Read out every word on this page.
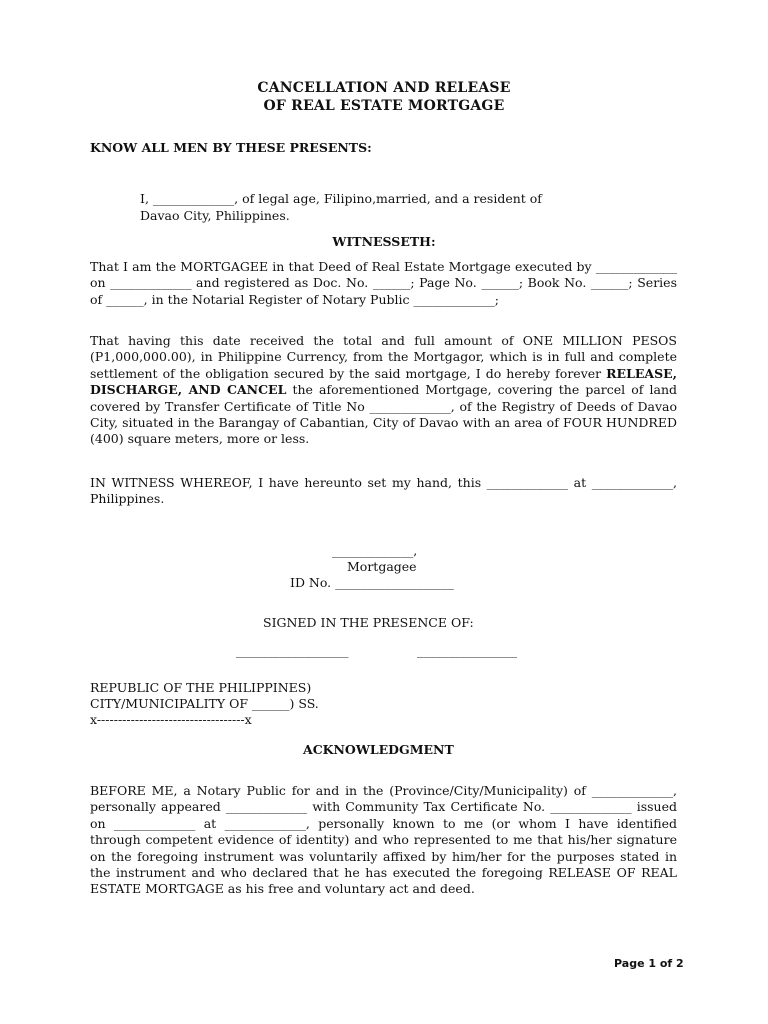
CANCELLATION AND RELEASE
OF REAL ESTATE MORTGAGE
KNOW ALL MEN BY THESE PRESENTS:
I, _____________, of legal age, Filipino,married, and a resident of
Davao City, Philippines.
WITNESSETH:
That I am the MORTGAGEE in that Deed of Real Estate Mortgage executed by _____________ on _____________ and registered as Doc. No. ______; Page No. ______; Book No. ______; Series of ______, in the Notarial Register of Notary Public _____________;
That having this date received the total and full amount of ONE MILLION PESOS (P1,000,000.00), in Philippine Currency, from the Mortgagor, which is in full and complete settlement of the obligation secured by the said mortgage, I do hereby forever RELEASE, DISCHARGE, AND CANCEL the aforementioned Mortgage, covering the parcel of land covered by Transfer Certificate of Title No _____________, of the Registry of Deeds of Davao City, situated in the Barangay of Cabantian, City of Davao with an area of FOUR HUNDRED (400) square meters, more or less.
IN WITNESS WHEREOF, I have hereunto set my hand, this _____________ at _____________, Philippines.
_____________,
Mortgagee
ID No. ___________________
SIGNED IN THE PRESENCE OF:
__________________	________________
REPUBLIC OF THE PHILIPPINES)
CITY/MUNICIPALITY OF ______) SS.
x-----------------------------------x
ACKNOWLEDGMENT
BEFORE ME, a Notary Public for and in the (Province/City/Municipality) of _____________, personally appeared _____________ with Community Tax Certificate No. _____________ issued on _____________ at _____________, personally known to me (or whom I have identified through competent evidence of identity) and who represented to me that his/her signature on the foregoing instrument was voluntarily affixed by him/her for the purposes stated in the instrument and who declared that he has executed the foregoing RELEASE OF REAL ESTATE MORTGAGE as his free and voluntary act and deed.
Page 1 of 2
